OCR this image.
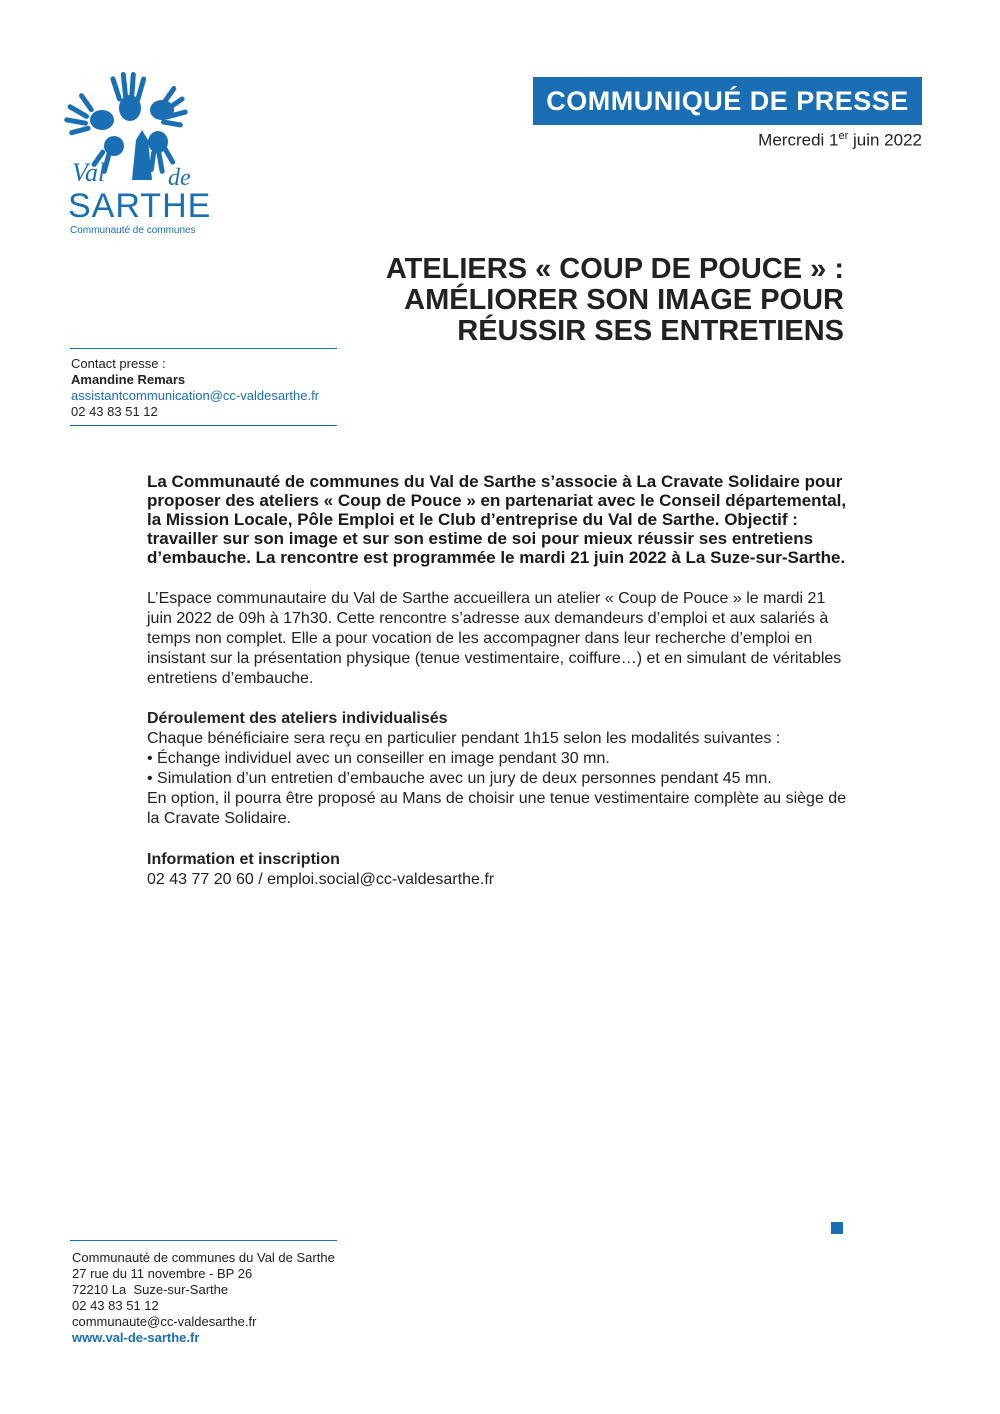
Val	de
SARTHE
Communauté de communes
COMMUNIQUÉ DE PRESSE
Mercredi 1er juin 2022
ATELIERS « COUP DE POUCE » :
AMÉLIORER SON IMAGE POUR
RÉUSSIR SES ENTRETIENS
Contact presse :
Amandine Remars
assistantcommunication@cc-valdesarthe.fr
02 43 83 51 12
La Communauté de communes du Val de Sarthe s’associe à La Cravate Solidaire pour proposer des ateliers « Coup de Pouce » en partenariat avec le Conseil départemental, la Mission Locale, Pôle Emploi et le Club d’entreprise du Val de Sarthe. Objectif : travailler sur son image et sur son estime de soi pour mieux réussir ses entretiens d’embauche. La rencontre est programmée le mardi 21 juin 2022 à La Suze-sur-Sarthe.
L’Espace communautaire du Val de Sarthe accueillera un atelier « Coup de Pouce » le mardi 21 juin 2022 de 09h à 17h30. Cette rencontre s’adresse aux demandeurs d’emploi et aux salariés à temps non complet. Elle a pour vocation de les accompagner dans leur recherche d’emploi en insistant sur la présentation physique (tenue vestimentaire, coiffure…) et en simulant de véritables entretiens d’embauche.
Déroulement des ateliers individualisés
Chaque bénéficiaire sera reçu en particulier pendant 1h15 selon les modalités suivantes :
• Échange individuel avec un conseiller en image pendant 30 mn.
• Simulation d’un entretien d’embauche avec un jury de deux personnes pendant 45 mn.
En option, il pourra être proposé au Mans de choisir une tenue vestimentaire complète au siège de la Cravate Solidaire.
Information et inscription
02 43 77 20 60 / emploi.social@cc-valdesarthe.fr
Communauté de communes du Val de Sarthe
27 rue du 11 novembre - BP 26
72210 La  Suze-sur-Sarthe
02 43 83 51 12
communaute@cc-valdesarthe.fr
www.val-de-sarthe.fr
